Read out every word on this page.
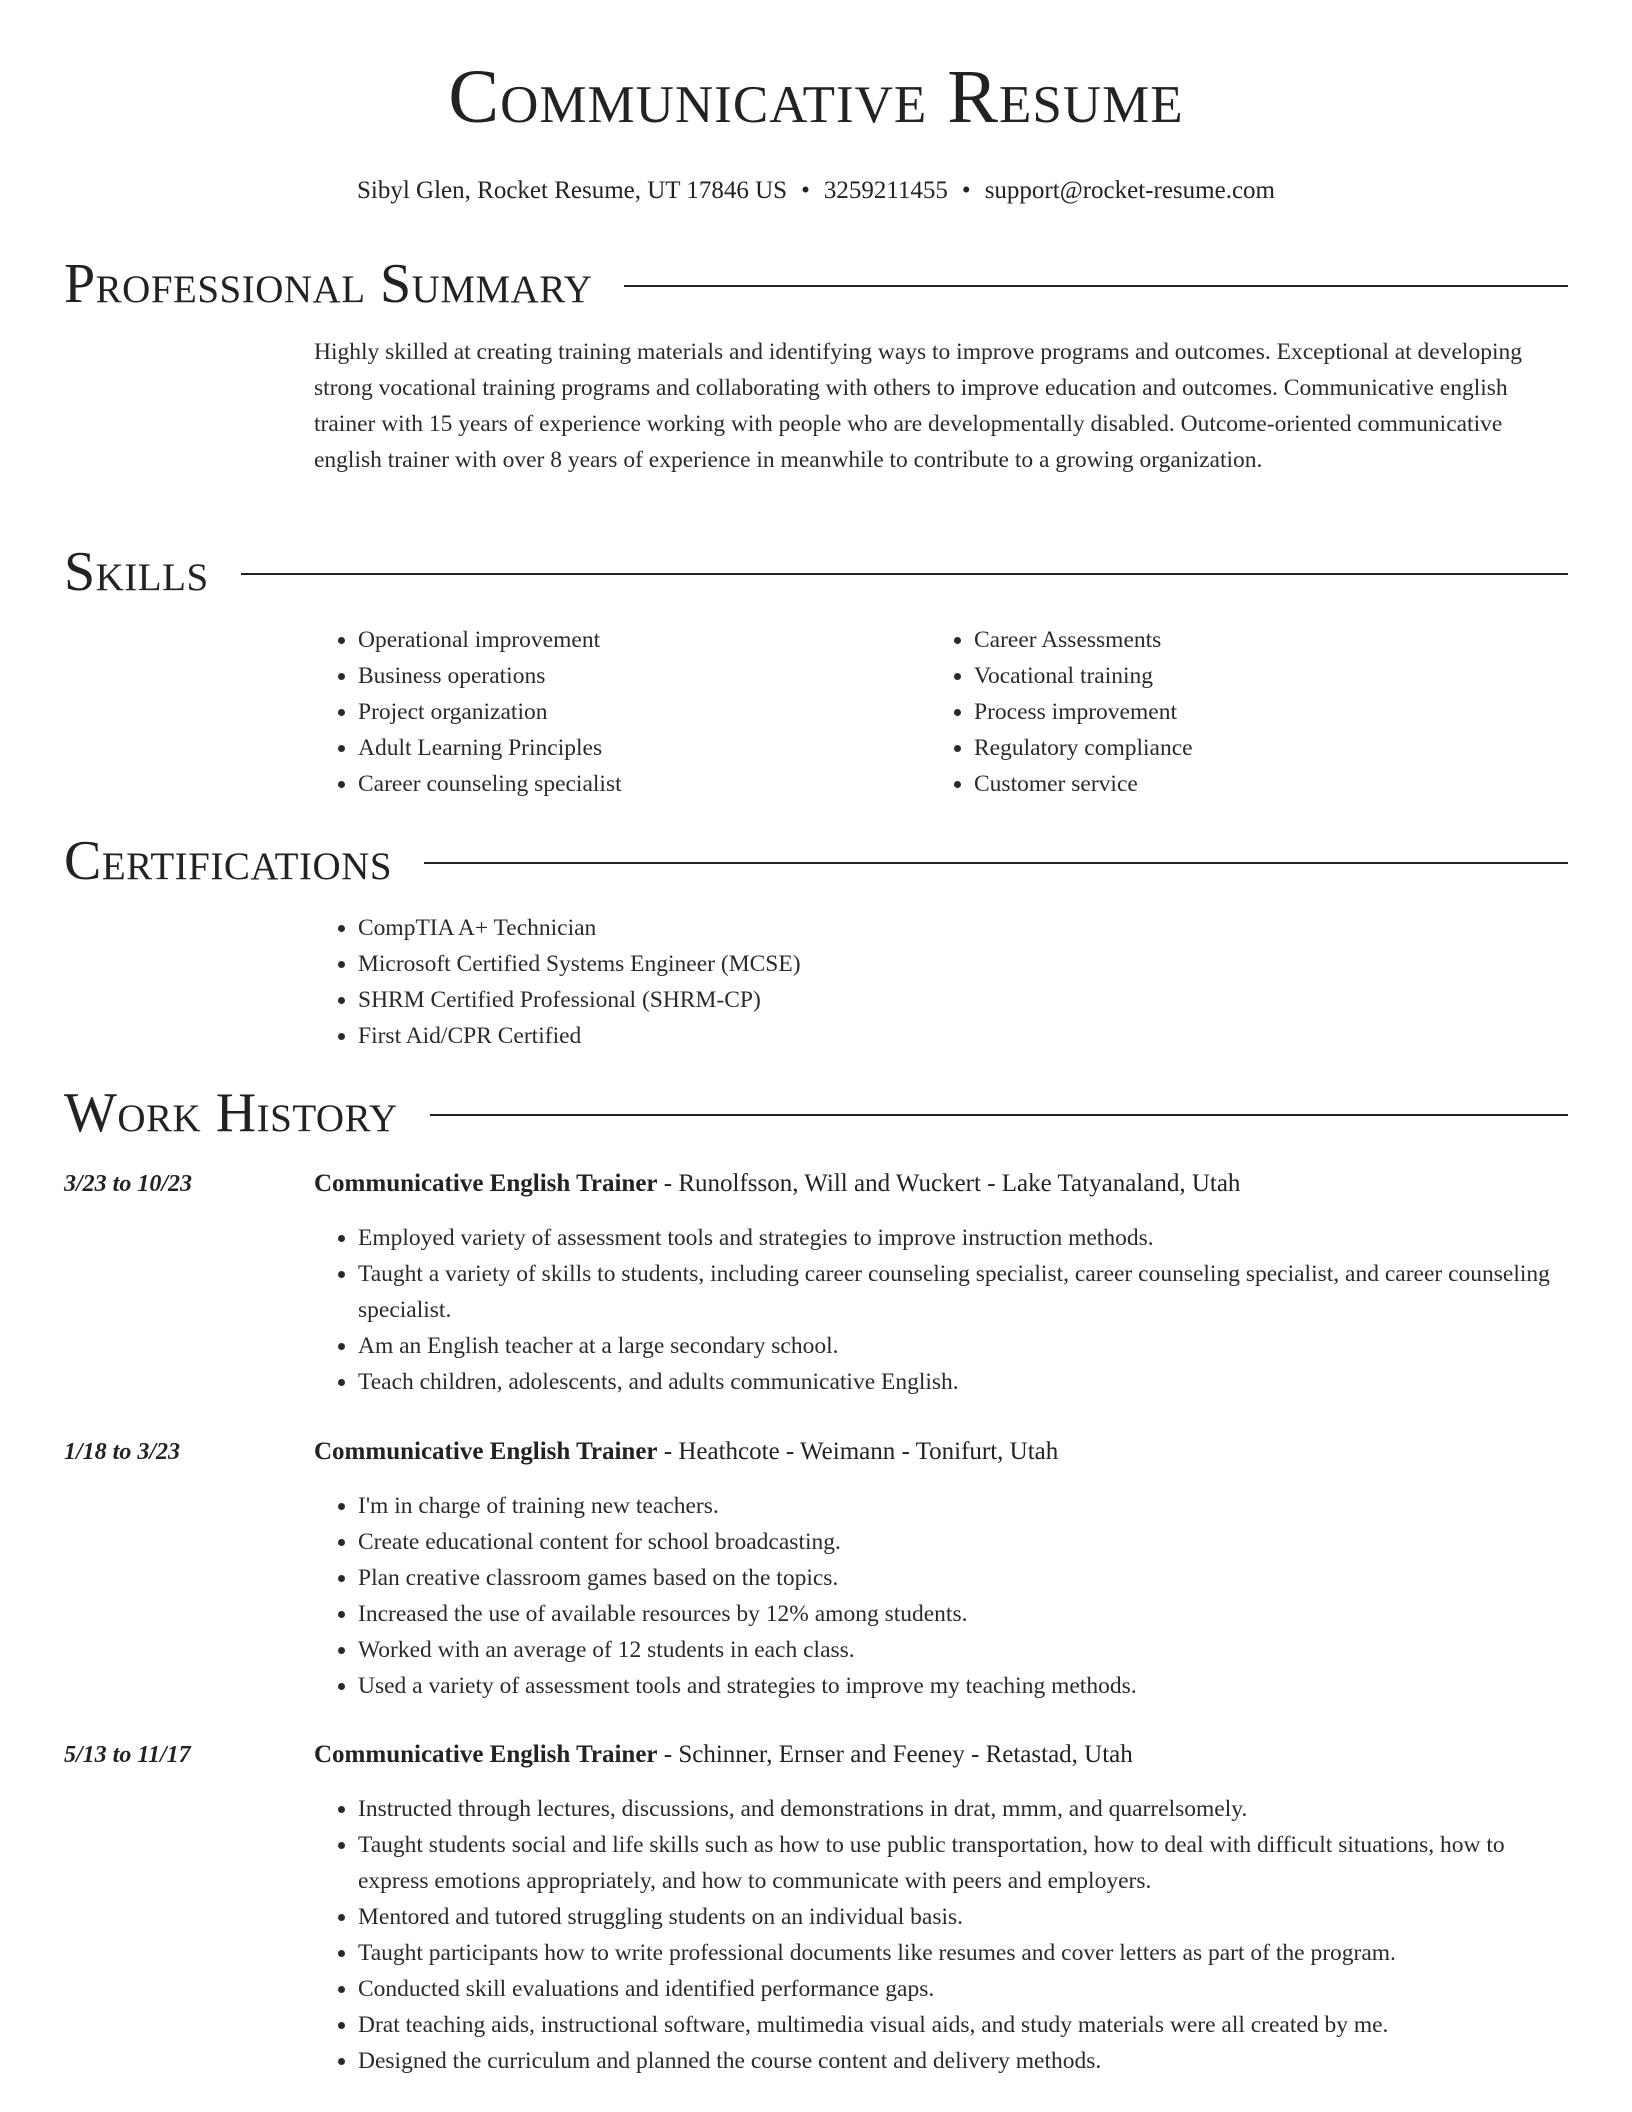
Communicative Resume
Sibyl Glen, Rocket Resume, UT 17846 US • 3259211455 • support@rocket-resume.com
Professional Summary
Highly skilled at creating training materials and identifying ways to improve programs and outcomes. Exceptional at developing strong vocational training programs and collaborating with others to improve education and outcomes. Communicative english trainer with 15 years of experience working with people who are developmentally disabled. Outcome-oriented communicative english trainer with over 8 years of experience in meanwhile to contribute to a growing organization.
Skills
• Operational improvement
• Business operations
• Project organization
• Adult Learning Principles
• Career counseling specialist
• Career Assessments
• Vocational training
• Process improvement
• Regulatory compliance
• Customer service
Certifications
• CompTIA A+ Technician
• Microsoft Certified Systems Engineer (MCSE)
• SHRM Certified Professional (SHRM-CP)
• First Aid/CPR Certified
Work History
3/23 to 10/23	Communicative English Trainer - Runolfsson, Will and Wuckert - Lake Tatyanaland, Utah
• Employed variety of assessment tools and strategies to improve instruction methods.
• Taught a variety of skills to students, including career counseling specialist, career counseling specialist, and career counseling specialist.
• Am an English teacher at a large secondary school.
• Teach children, adolescents, and adults communicative English.
1/18 to 3/23	Communicative English Trainer - Heathcote - Weimann - Tonifurt, Utah
• I'm in charge of training new teachers.
• Create educational content for school broadcasting.
• Plan creative classroom games based on the topics.
• Increased the use of available resources by 12% among students.
• Worked with an average of 12 students in each class.
• Used a variety of assessment tools and strategies to improve my teaching methods.
5/13 to 11/17	Communicative English Trainer - Schinner, Ernser and Feeney - Retastad, Utah
• Instructed through lectures, discussions, and demonstrations in drat, mmm, and quarrelsomely.
• Taught students social and life skills such as how to use public transportation, how to deal with difficult situations, how to express emotions appropriately, and how to communicate with peers and employers.
• Mentored and tutored struggling students on an individual basis.
• Taught participants how to write professional documents like resumes and cover letters as part of the program.
• Conducted skill evaluations and identified performance gaps.
• Drat teaching aids, instructional software, multimedia visual aids, and study materials were all created by me.
• Designed the curriculum and planned the course content and delivery methods.
